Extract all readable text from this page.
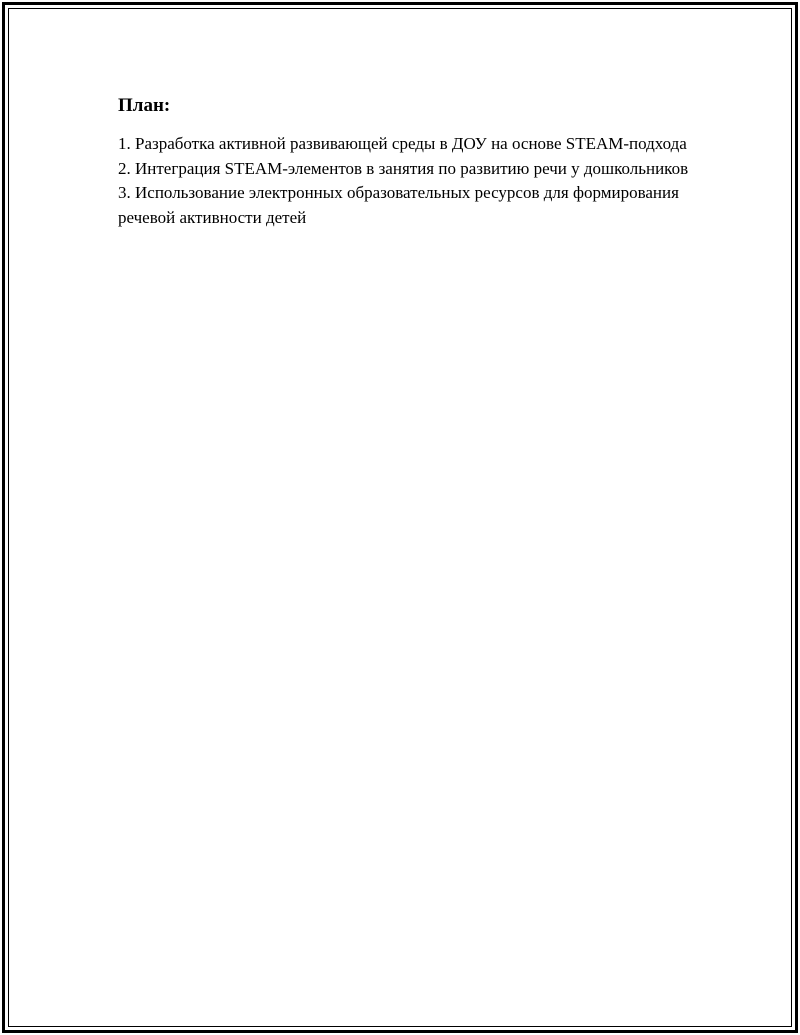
План:
1. Разработка активной развивающей среды в ДОУ на основе STEAM-подхода
2. Интеграция STEAM-элементов в занятия по развитию речи у дошкольников
3. Использование электронных образовательных ресурсов для формирования речевой активности детей
